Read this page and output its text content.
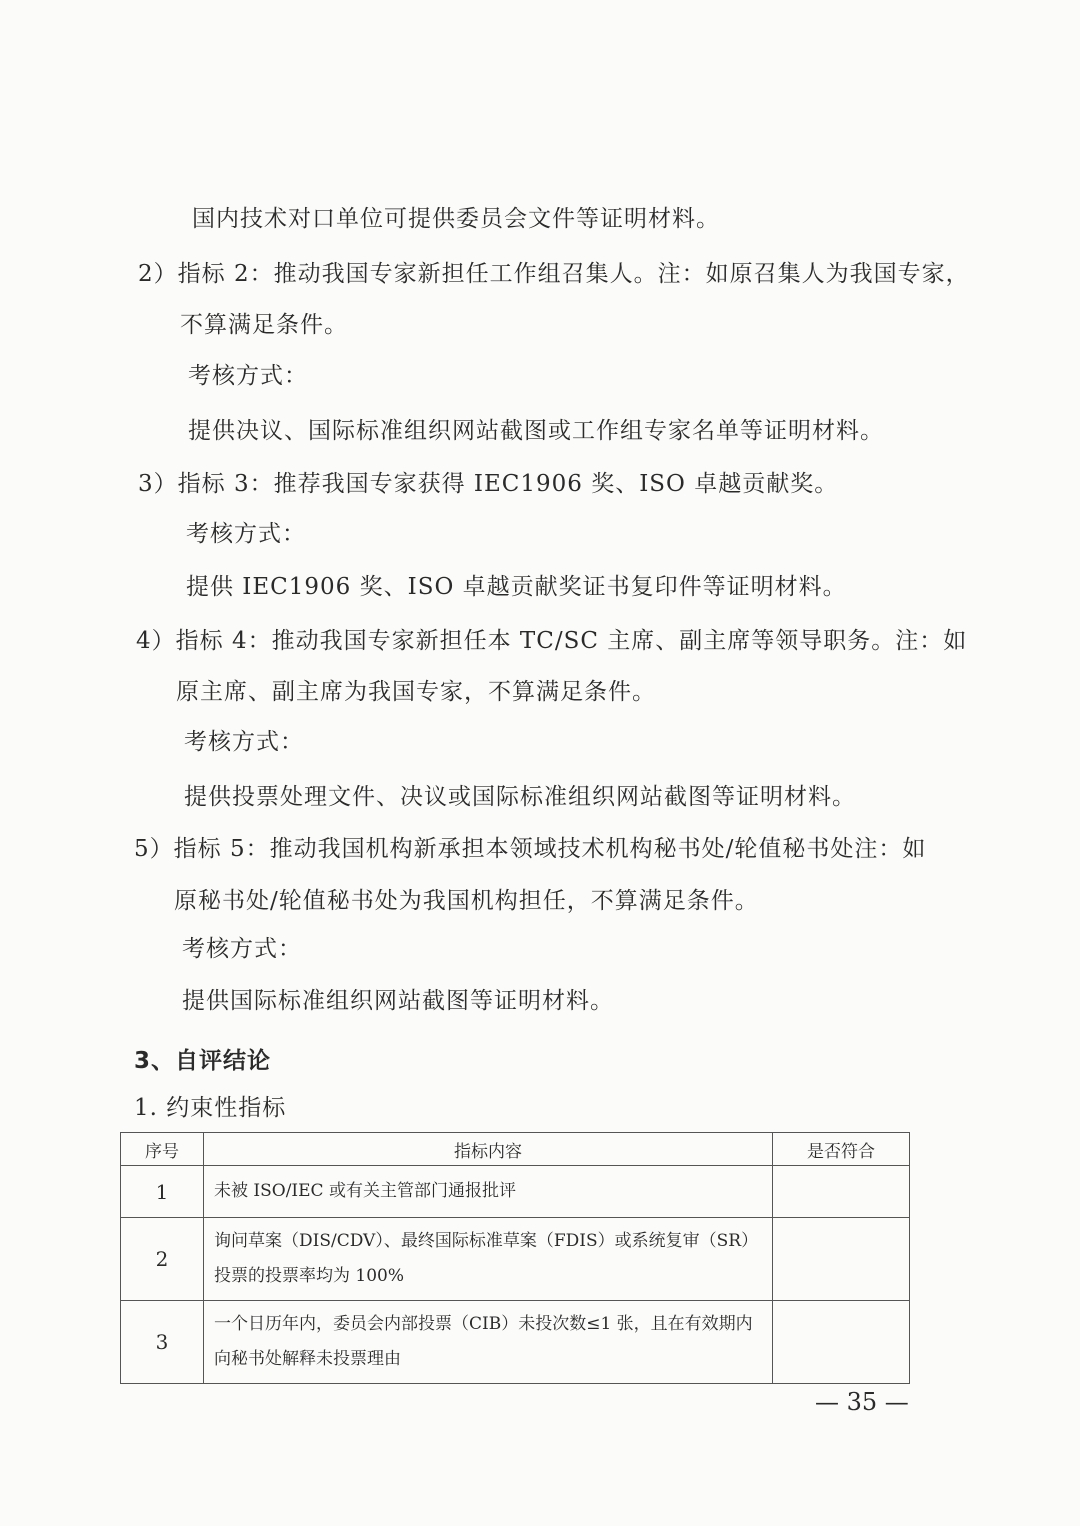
国内技术对口单位可提供委员会文件等证明材料。
2）指标 2：推动我国专家新担任工作组召集人。注：如原召集人为我国专家，
不算满足条件。
考核方式：
提供决议、国际标准组织网站截图或工作组专家名单等证明材料。
3）指标 3：推荐我国专家获得 IEC1906 奖、ISO 卓越贡献奖。
考核方式：
提供 IEC1906 奖、ISO 卓越贡献奖证书复印件等证明材料。
4）指标 4：推动我国专家新担任本 TC/SC 主席、副主席等领导职务。注：如
原主席、副主席为我国专家，不算满足条件。
考核方式：
提供投票处理文件、决议或国际标准组织网站截图等证明材料。
5）指标 5：推动我国机构新承担本领域技术机构秘书处/轮值秘书处注：如
原秘书处/轮值秘书处为我国机构担任，不算满足条件。
考核方式：
提供国际标准组织网站截图等证明材料。
3、自评结论
1. 约束性指标
序号	指标内容	是否符合
1	未被 ISO/IEC 或有关主管部门通报批评	
2	询问草案（DIS/CDV）、最终国际标准草案（FDIS）或系统复审（SR）投票的投票率均为 100%	
3	一个日历年内，委员会内部投票（CIB）未投次数≤1 张，且在有效期内向秘书处解释未投票理由	
— 35 —
